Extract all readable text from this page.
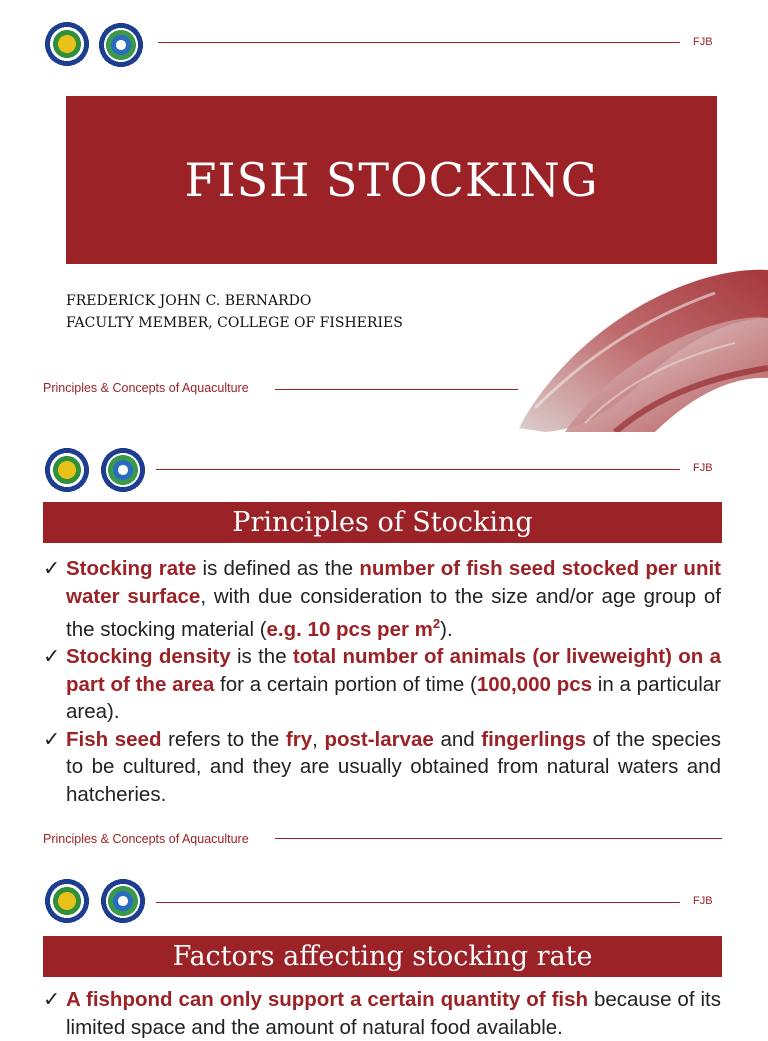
FJB
FISH STOCKING
FREDERICK JOHN C. BERNARDO
FACULTY MEMBER, COLLEGE OF FISHERIES
Principles & Concepts of Aquaculture
FJB
Principles of Stocking
✓ Stocking rate is defined as the number of fish seed stocked per unit water surface, with due consideration to the size and/or age group of the stocking material (e.g. 10 pcs per $m^2$).
✓ Stocking density is the total number of animals (or liveweight) on a part of the area for a certain portion of time (100,000 pcs in a particular area).
✓ Fish seed refers to the fry, post-larvae and fingerlings of the species to be cultured, and they are usually obtained from natural waters and hatcheries.
Principles & Concepts of Aquaculture
FJB
Factors affecting stocking rate
✓ A fishpond can only support a certain quantity of fish because of its limited space and the amount of natural food available.
